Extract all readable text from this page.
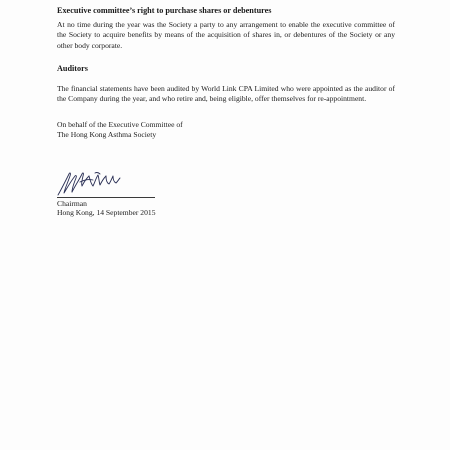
Executive committee’s right to purchase shares or debentures
At no time during the year was the Society a party to any arrangement to enable the executive committee of the Society to acquire benefits by means of the acquisition of shares in, or debentures of the Society or any other body corporate.
Auditors
The financial statements have been audited by World Link CPA Limited who were appointed as the auditor of the Company during the year, and who retire and, being eligible, offer themselves for re-appointment.
On behalf of the Executive Committee of
The Hong Kong Asthma Society
Chairman
Hong Kong, 14 September 2015
